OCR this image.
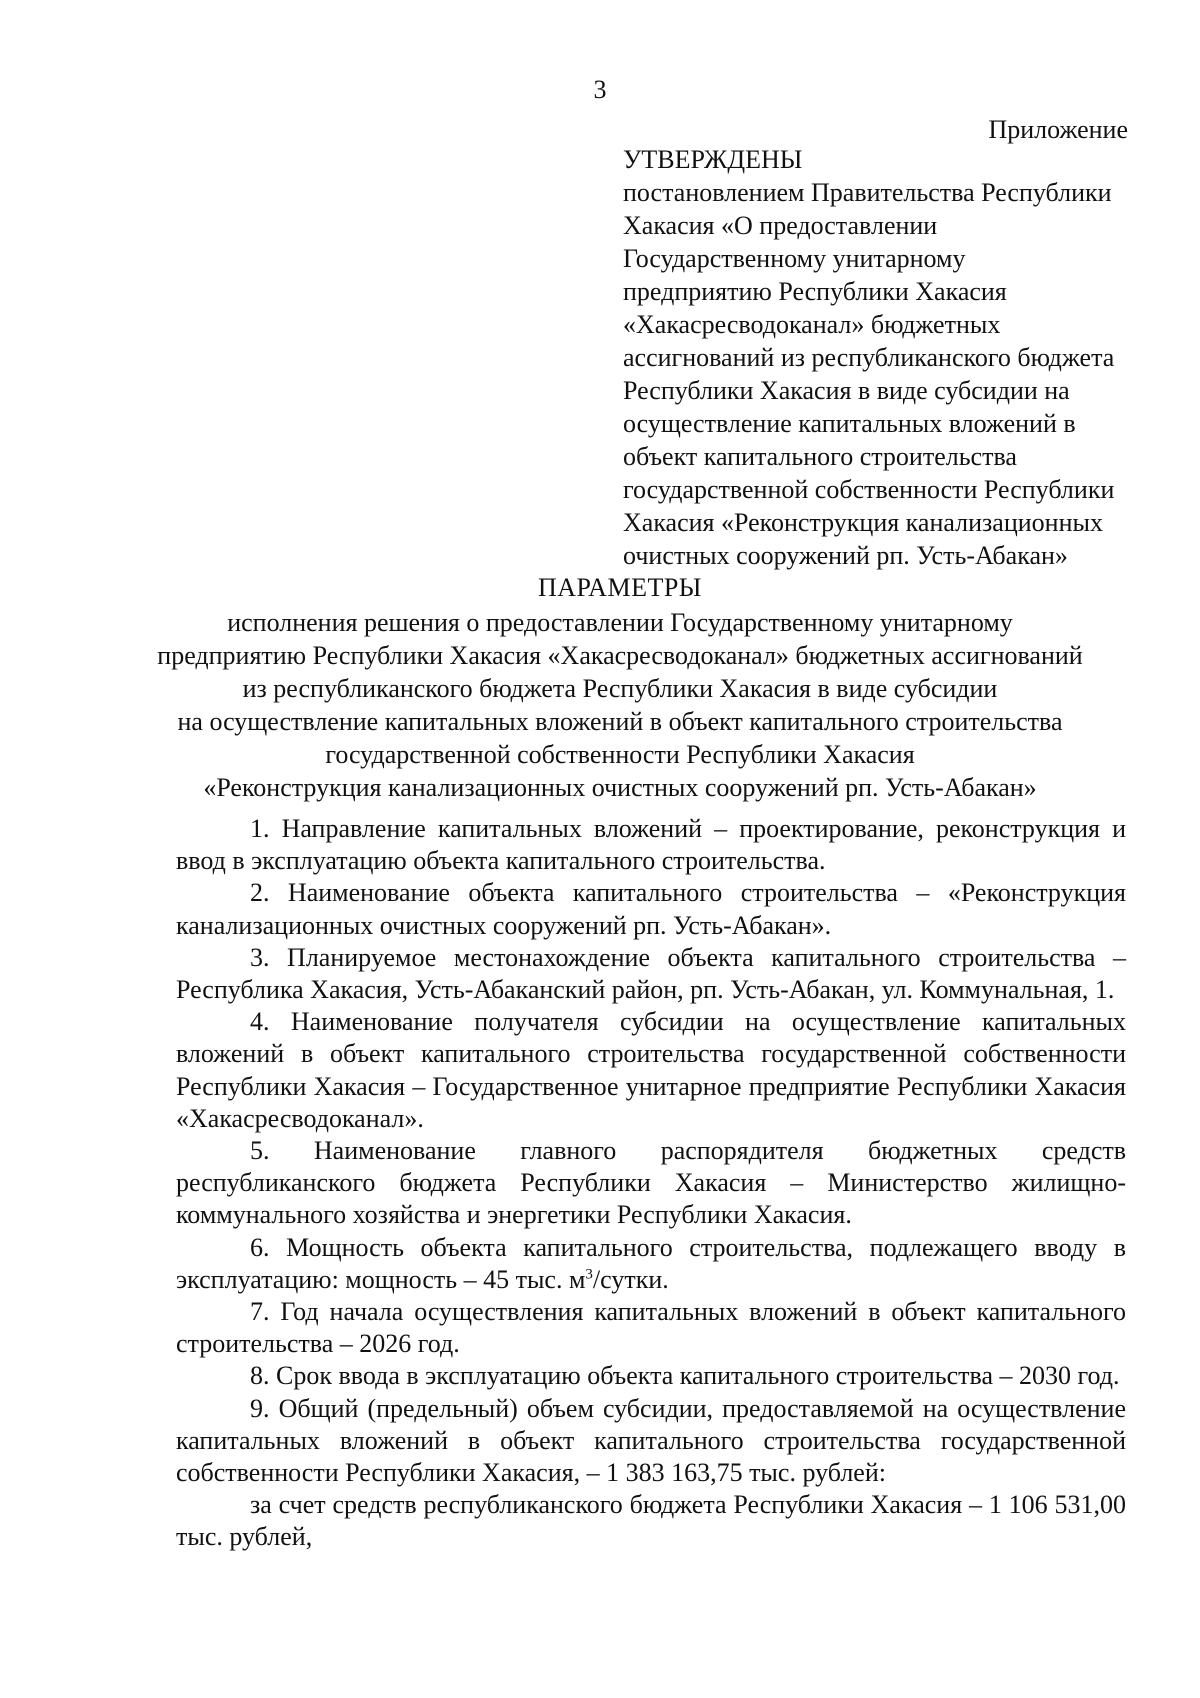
3
Приложение
УТВЕРЖДЕНЫ
постановлением Правительства Республики
Хакасия «О предоставлении
Государственному унитарному
предприятию Республики Хакасия
«Хакасресводоканал» бюджетных
ассигнований из республиканского бюджета
Республики Хакасия в виде субсидии на
осуществление капитальных вложений в
объект капитального строительства
государственной собственности Республики
Хакасия «Реконструкция канализационных
очистных сооружений рп. Усть-Абакан»
ПАРАМЕТРЫ
исполнения решения о предоставлении Государственному унитарному
предприятию Республики Хакасия «Хакасресводоканал» бюджетных ассигнований
из республиканского бюджета Республики Хакасия в виде субсидии
на осуществление капитальных вложений в объект капитального строительства
государственной собственности Республики Хакасия
«Реконструкция канализационных очистных сооружений рп. Усть-Абакан»

1. Направление капитальных вложений – проектирование, реконструкция и ввод в эксплуатацию объекта капитального строительства.

2. Наименование объекта капитального строительства – «Реконструкция канализационных очистных сооружений рп. Усть-Абакан».

3. Планируемое местонахождение объекта капитального строительства – Республика Хакасия, Усть-Абаканский район, рп. Усть-Абакан, ул. Коммунальная, 1.

4. Наименование получателя субсидии на осуществление капитальных вложений в объект капитального строительства государственной собственности Республики Хакасия – Государственное унитарное предприятие Республики Хакасия «Хакасресводоканал».

5. Наименование главного распорядителя бюджетных средств республиканского бюджета Республики Хакасия – Министерство жилищно-коммунального хозяйства и энергетики Республики Хакасия.

6. Мощность объекта капитального строительства, подлежащего вводу в эксплуатацию: мощность – 45 тыс. $м^3$/сутки.

7. Год начала осуществления капитальных вложений в объект капитального строительства – 2026 год.

8. Срок ввода в эксплуатацию объекта капитального строительства – 2030 год.

9. Общий (предельный) объем субсидии, предоставляемой на осуществление капитальных вложений в объект капитального строительства государственной собственности Республики Хакасия, – 1 383 163,75 тыс. рублей:

за счет средств республиканского бюджета Республики Хакасия – 1 106 531,00 тыс. рублей,
